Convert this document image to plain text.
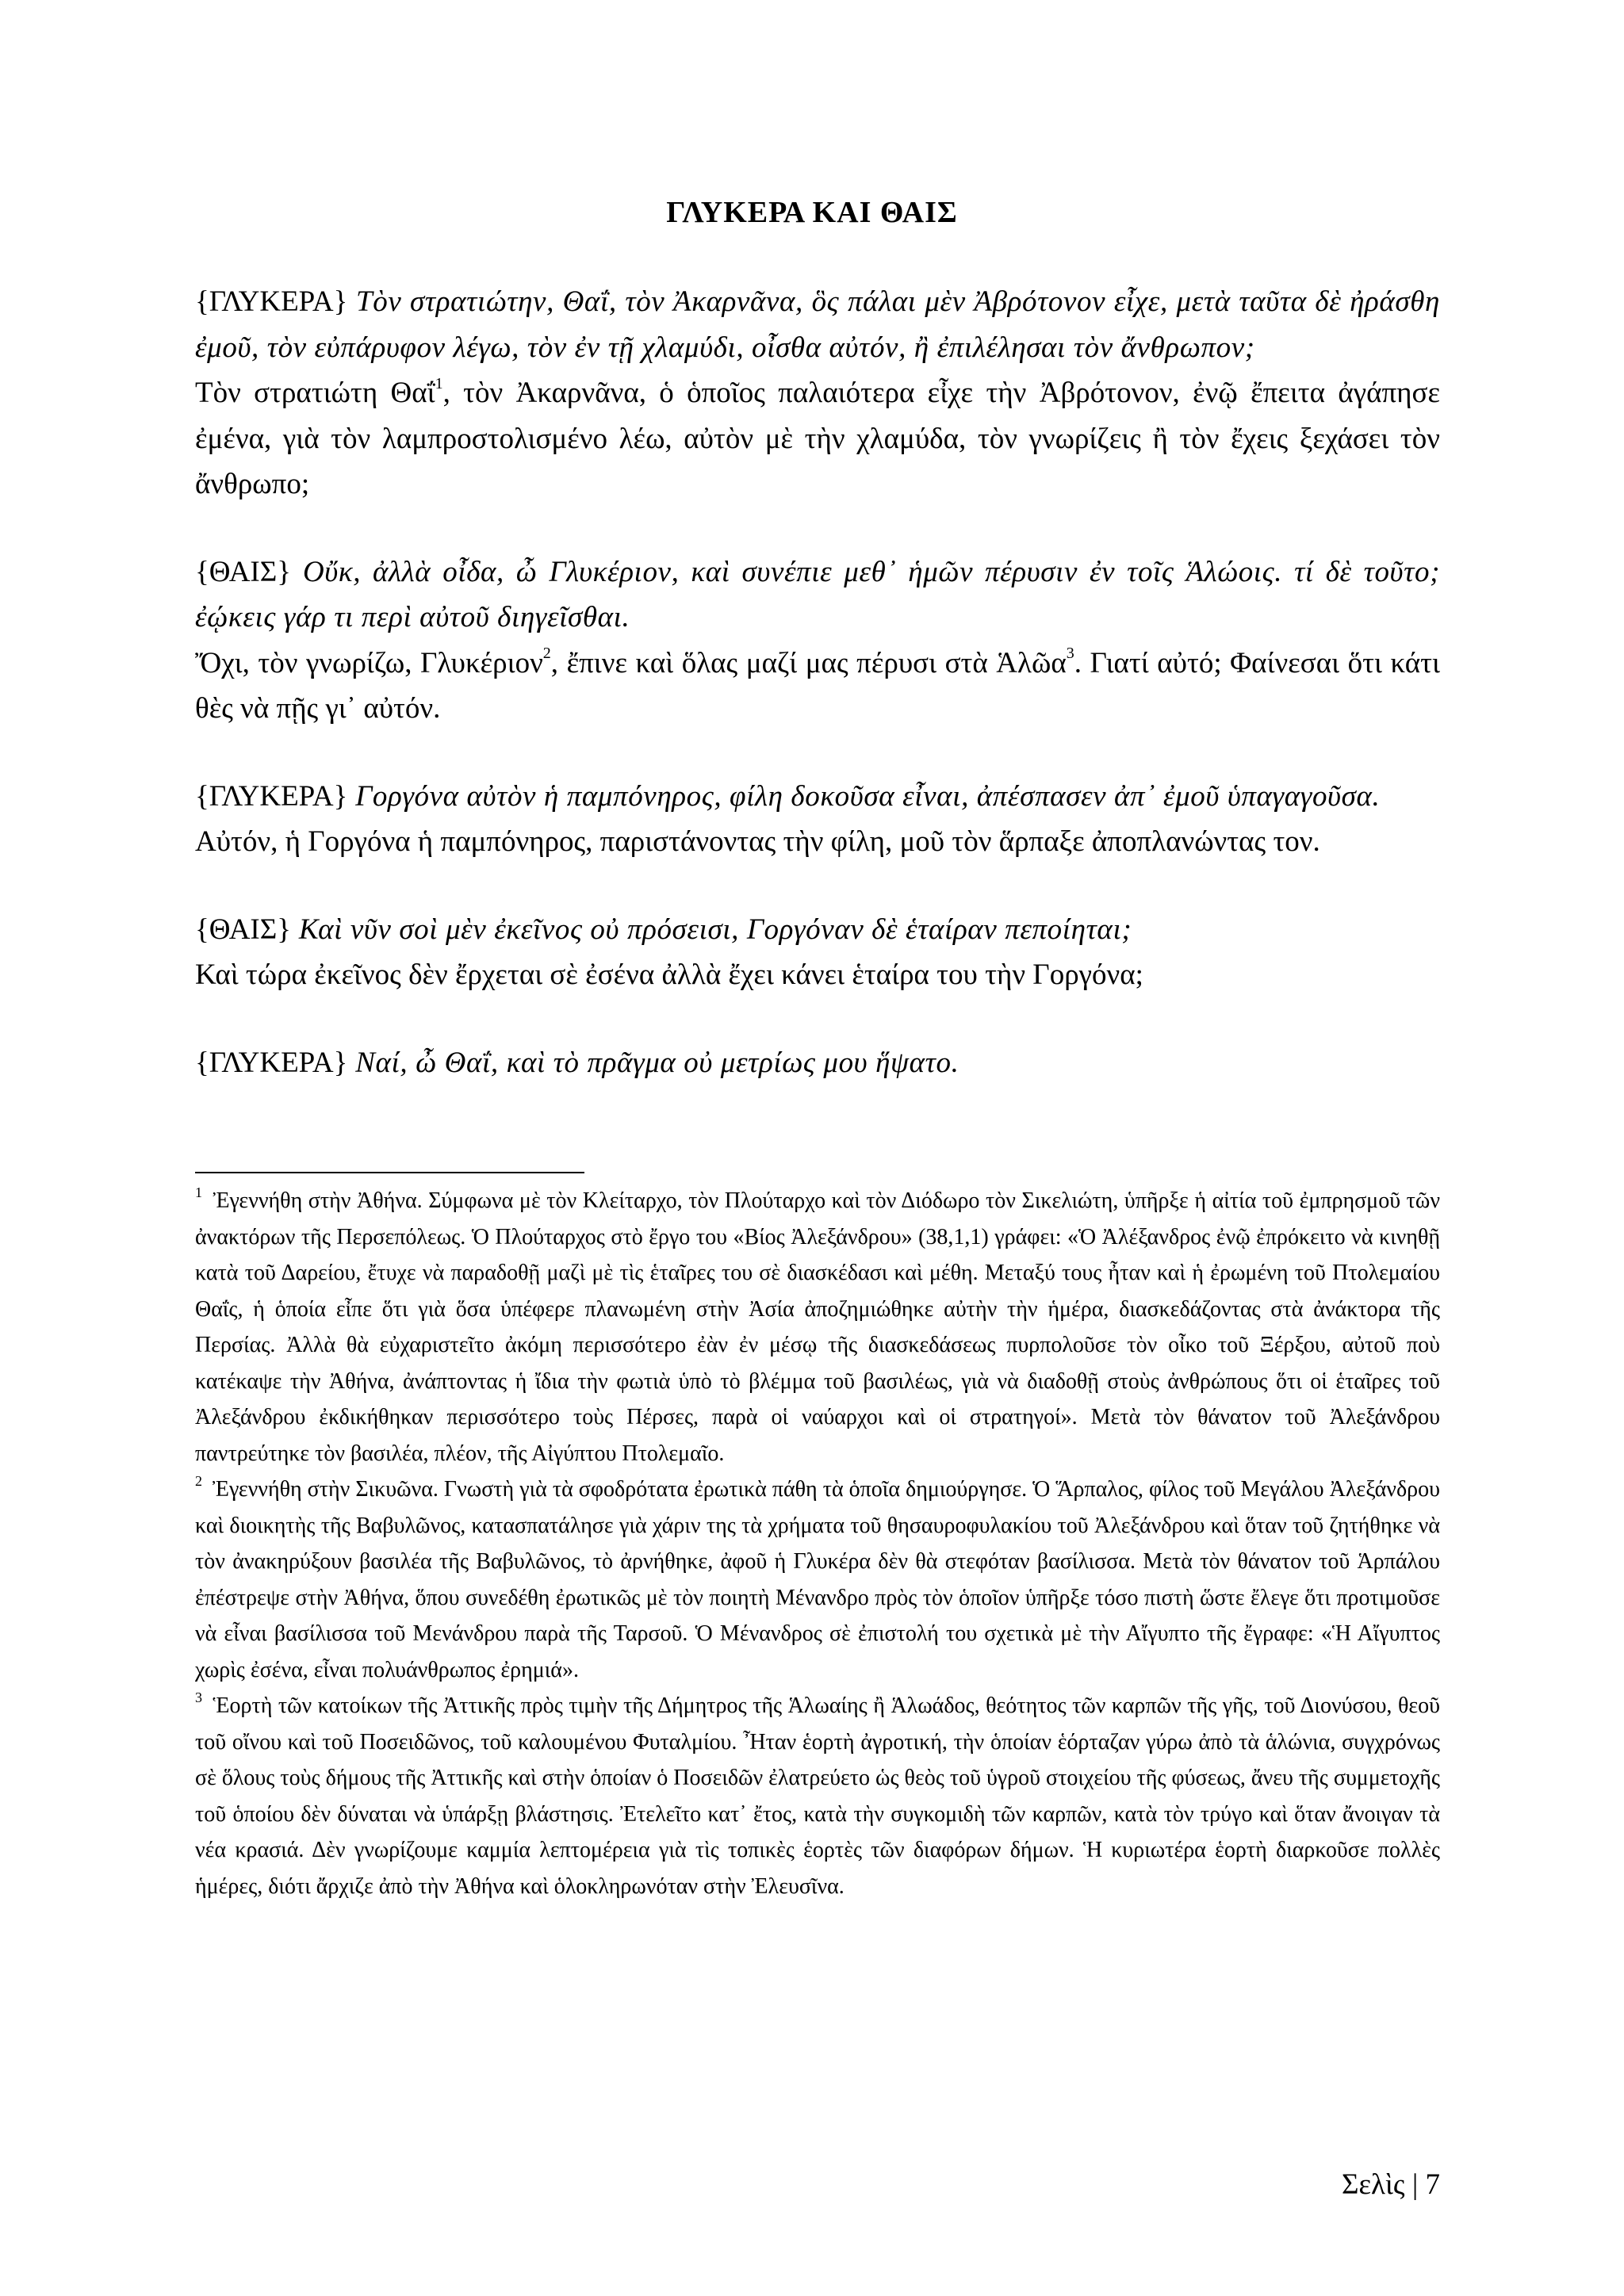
ΓΛΥΚΕΡΑ ΚΑΙ ΘΑΙΣ

{ΓΛΥΚΕΡΑ} Τὸν στρατιώτην, Θαΐ, τὸν Ἀκαρνᾶνα, ὃς πάλαι μὲν Ἀβρότονον εἶχε, μετὰ ταῦτα δὲ ἠράσθη ἐμοῦ, τὸν εὐπάρυφον λέγω, τὸν ἐν τῇ χλαμύδι, οἶσθα αὐτόν, ἢ ἐπιλέλησαι τὸν ἄνθρωπον;

Τὸν στρατιώτη Θαΐ$^1$, τὸν Ἀκαρνᾶνα, ὁ ὁποῖος παλαιότερα εἶχε τὴν Ἀβρότονον, ἐνῷ ἔπειτα ἀγάπησε ἐμένα, γιὰ τὸν λαμπροστολισμένο λέω, αὐτὸν μὲ τὴν χλαμύδα, τὸν γνωρίζεις ἢ τὸν ἔχεις ξεχάσει τὸν ἄνθρωπο;

{ΘΑΙΣ} Οὔκ, ἀλλὰ οἶδα, ὦ Γλυκέριον, καὶ συνέπιε μεθ᾽ ἡμῶν πέρυσιν ἐν τοῖς Ἁλώοις. τί δὲ τοῦτο; ἐῴκεις γάρ τι περὶ αὐτοῦ διηγεῖσθαι.

Ὄχι, τὸν γνωρίζω, Γλυκέριον$^2$, ἔπινε καὶ ὅλας μαζί μας πέρυσι στὰ Ἁλῶα$^3$. Γιατί αὐτό; Φαίνεσαι ὅτι κάτι θὲς νὰ πῇς γι᾽ αὐτόν.

{ΓΛΥΚΕΡΑ} Γοργόνα αὐτὸν ἡ παμπόνηρος, φίλη δοκοῦσα εἶναι, ἀπέσπασεν ἀπ᾽ ἐμοῦ ὑπαγαγοῦσα.

Αὐτόν, ἡ Γοργόνα ἡ παμπόνηρος, παριστάνοντας τὴν φίλη, μοῦ τὸν ἅρπαξε ἀποπλανώντας τον.

{ΘΑΙΣ} Καὶ νῦν σοὶ μὲν ἐκεῖνος οὐ πρόσεισι, Γοργόναν δὲ ἑταίραν πεποίηται;

Καὶ τώρα ἐκεῖνος δὲν ἔρχεται σὲ ἐσένα ἀλλὰ ἔχει κάνει ἑταίρα του τὴν Γοργόνα;

{ΓΛΥΚΕΡΑ} Ναί, ὦ Θαΐ, καὶ τὸ πρᾶγμα οὐ μετρίως μου ἥψατο.

$^1$ Ἐγεννήθη στὴν Ἀθήνα. Σύμφωνα μὲ τὸν Κλείταρχο, τὸν Πλούταρχο καὶ τὸν Διόδωρο τὸν Σικελιώτη, ὑπῆρξε ἡ αἰτία τοῦ ἐμπρησμοῦ τῶν ἀνακτόρων τῆς Περσεπόλεως. Ὁ Πλούταρχος στὸ ἔργο του «Βίος Ἀλεξάνδρου» (38,1,1) γράφει: «Ὁ Ἀλέξανδρος ἐνῷ ἐπρόκειτο νὰ κινηθῇ κατὰ τοῦ Δαρείου, ἔτυχε νὰ παραδοθῇ μαζὶ μὲ τὶς ἑταῖρες του σὲ διασκέδασι καὶ μέθη. Μεταξύ τους ἦταν καὶ ἡ ἐρωμένη τοῦ Πτολεμαίου Θαΐς, ἡ ὁποία εἶπε ὅτι γιὰ ὅσα ὑπέφερε πλανωμένη στὴν Ἀσία ἀποζημιώθηκε αὐτὴν τὴν ἡμέρα, διασκεδάζοντας στὰ ἀνάκτορα τῆς Περσίας. Ἀλλὰ θὰ εὐχαριστεῖτο ἀκόμη περισσότερο ἐὰν ἐν μέσῳ τῆς διασκεδάσεως πυρπολοῦσε τὸν οἶκο τοῦ Ξέρξου, αὐτοῦ ποὺ κατέκαψε τὴν Ἀθήνα, ἀνάπτοντας ἡ ἴδια τὴν φωτιὰ ὑπὸ τὸ βλέμμα τοῦ βασιλέως, γιὰ νὰ διαδοθῇ στοὺς ἀνθρώπους ὅτι οἱ ἑταῖρες τοῦ Ἀλεξάνδρου ἐκδικήθηκαν περισσότερο τοὺς Πέρσες, παρὰ οἱ ναύαρχοι καὶ οἱ στρατηγοί». Μετὰ τὸν θάνατον τοῦ Ἀλεξάνδρου παντρεύτηκε τὸν βασιλέα, πλέον, τῆς Αἰγύπτου Πτολεμαῖο.

$^2$ Ἐγεννήθη στὴν Σικυῶνα. Γνωστὴ γιὰ τὰ σφοδρότατα ἐρωτικὰ πάθη τὰ ὁποῖα δημιούργησε. Ὁ Ἅρπαλος, φίλος τοῦ Μεγάλου Ἀλεξάνδρου καὶ διοικητὴς τῆς Βαβυλῶνος, κατασπατάλησε γιὰ χάριν της τὰ χρήματα τοῦ θησαυροφυλακίου τοῦ Ἀλεξάνδρου καὶ ὅταν τοῦ ζητήθηκε νὰ τὸν ἀνακηρύξουν βασιλέα τῆς Βαβυλῶνος, τὸ ἀρνήθηκε, ἀφοῦ ἡ Γλυκέρα δὲν θὰ στεφόταν βασίλισσα. Μετὰ τὸν θάνατον τοῦ Ἁρπάλου ἐπέστρεψε στὴν Ἀθήνα, ὅπου συνεδέθη ἐρωτικῶς μὲ τὸν ποιητὴ Μένανδρο πρὸς τὸν ὁποῖον ὑπῆρξε τόσο πιστὴ ὥστε ἔλεγε ὅτι προτιμοῦσε νὰ εἶναι βασίλισσα τοῦ Μενάνδρου παρὰ τῆς Ταρσοῦ. Ὁ Μένανδρος σὲ ἐπιστολή του σχετικὰ μὲ τὴν Αἴγυπτο τῆς ἔγραφε: «Ἡ Αἴγυπτος χωρὶς ἐσένα, εἶναι πολυάνθρωπος ἐρημιά».

$^3$ Ἑορτὴ τῶν κατοίκων τῆς Ἀττικῆς πρὸς τιμὴν τῆς Δήμητρος τῆς Ἁλωαίης ἢ Ἁλωάδος, θεότητος τῶν καρπῶν τῆς γῆς, τοῦ Διονύσου, θεοῦ τοῦ οἴνου καὶ τοῦ Ποσειδῶνος, τοῦ καλουμένου Φυταλμίου. Ἦταν ἑορτὴ ἀγροτική, τὴν ὁποίαν ἑόρταζαν γύρω ἀπὸ τὰ ἁλώνια, συγχρόνως σὲ ὅλους τοὺς δήμους τῆς Ἀττικῆς καὶ στὴν ὁποίαν ὁ Ποσειδῶν ἐλατρεύετο ὡς θεὸς τοῦ ὑγροῦ στοιχείου τῆς φύσεως, ἄνευ τῆς συμμετοχῆς τοῦ ὁποίου δὲν δύναται νὰ ὑπάρξῃ βλάστησις. Ἐτελεῖτο κατ᾽ ἔτος, κατὰ τὴν συγκομιδὴ τῶν καρπῶν, κατὰ τὸν τρύγο καὶ ὅταν ἄνοιγαν τὰ νέα κρασιά. Δὲν γνωρίζουμε καμμία λεπτομέρεια γιὰ τὶς τοπικὲς ἑορτὲς τῶν διαφόρων δήμων. Ἡ κυριωτέρα ἑορτὴ διαρκοῦσε πολλὲς ἡμέρες, διότι ἄρχιζε ἀπὸ τὴν Ἀθήνα καὶ ὁλοκληρωνόταν στὴν Ἐλευσῖνα.

Σελὶς | 7
